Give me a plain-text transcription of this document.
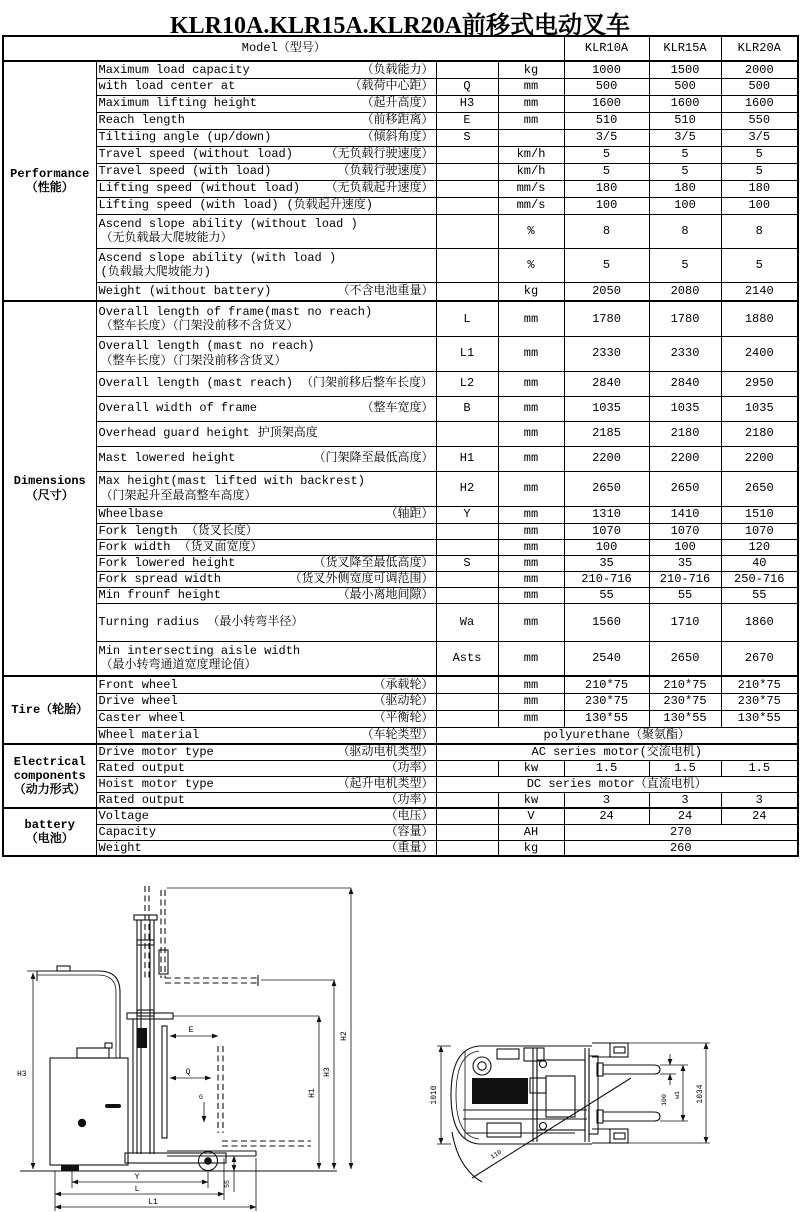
KLR10A.KLR15A.KLR20A前移式电动叉车
Model（型号）				KLR10A	KLR15A	KLR20A

Performance
（性能）

Maximum load capacity	（负载能力）		kg	1000	1500	2000

	with load center at （载荷中心距）	Q	mm	500	500	500

	Maximum lifting height （起升高度）	H3	mm	1600	1600	1600

	Reach length （前移距离）	E	mm	510	510	550

	Tiltiing angle (up/down) （倾斜角度）	S		3/5	3/5	3/5

	Travel speed (without load) （无负载行驶速度）		km/h	5	5	5

	Travel speed (with load) （负载行驶速度）		km/h	5	5	5

	Lifting speed (without load) （无负载起升速度）		mm/s	180	180	180

	Lifting speed (with load) (负载起升速度)		mm/s	100	100	100

	Ascend slope ability (without load )
（无负载最大爬坡能力）		%	8	8	8

	Ascend slope ability (with load )
(负载最大爬坡能力)		%	5	5	5

	Weight (without battery) （不含电池重量）		kg	2050	2080	2140

Dimensions
（尺寸）

Overall length of frame(mast no reach)
（整车长度）（门架没前移不含货叉）
	L	mm	1780	1780	1880

	Overall length (mast no reach)
（整车长度）（门架没前移含货叉）	L1	mm	2330	2330	2400

	Overall length (mast reach) （门架前移后整车长度）	L2	mm	2840	2840	2950

	Overall width of frame （整车宽度）	B	mm	1035	1035	1035

	Overhead guard height 护顶架高度		mm	2185	2180	2180

	Mast lowered height （门架降至最低高度）	H1	mm	2200	2200	2200

	Max height(mast lifted with backrest)
（门架起升至最高整车高度）	H2	mm	2650	2650	2650

	Wheelbase （轴距）	Y	mm	1310	1410	1510

	Fork length （货叉长度）		mm	1070	1070	1070

	Fork width （货叉面宽度）		mm	100	100	120

	Fork lowered height （货叉降至最低高度）	S	mm	35	35	40

	Fork spread width （货叉外侧宽度可调范围）		mm	210-716	210-716	250-716

	Min frounf height （最小离地间隙）		mm	55	55	55

	Turning radius （最小转弯半径）	Wa	mm	1560	1710	1860

	Min intersecting aisle width
（最小转弯通道宽度理论值）	Asts	mm	2540	2650	2670

Tire（轮胎）	Front wheel （承载轮）		mm	210*75	210*75	210*75

	Drive wheel （驱动轮）		mm	230*75	230*75	230*75

	Caster wheel （平衡轮）		mm	130*55	130*55	130*55

	Wheel material （车轮类型）	polyurethane（聚氨酯）				

Electrical
components
（动力形式）

Drive motor type	（驱动电机类型）	AC series motor(交流电机)

	Rated output （功率）		kw	1.5	1.5	1.5

	Hoist motor type （起升电机类型）	DC series motor（直流电机）				

	Rated output （功率）		kw	3	3	3

battery
（电池）

Voltage	（电压）		V	24	24	24

	Capacity （容量）		AH	270		

	Weight （重量）		kg	260		
H3
E
Q
G	H1
H3
H2
Y
L
L1
55
1010	100 w1 1034
110
